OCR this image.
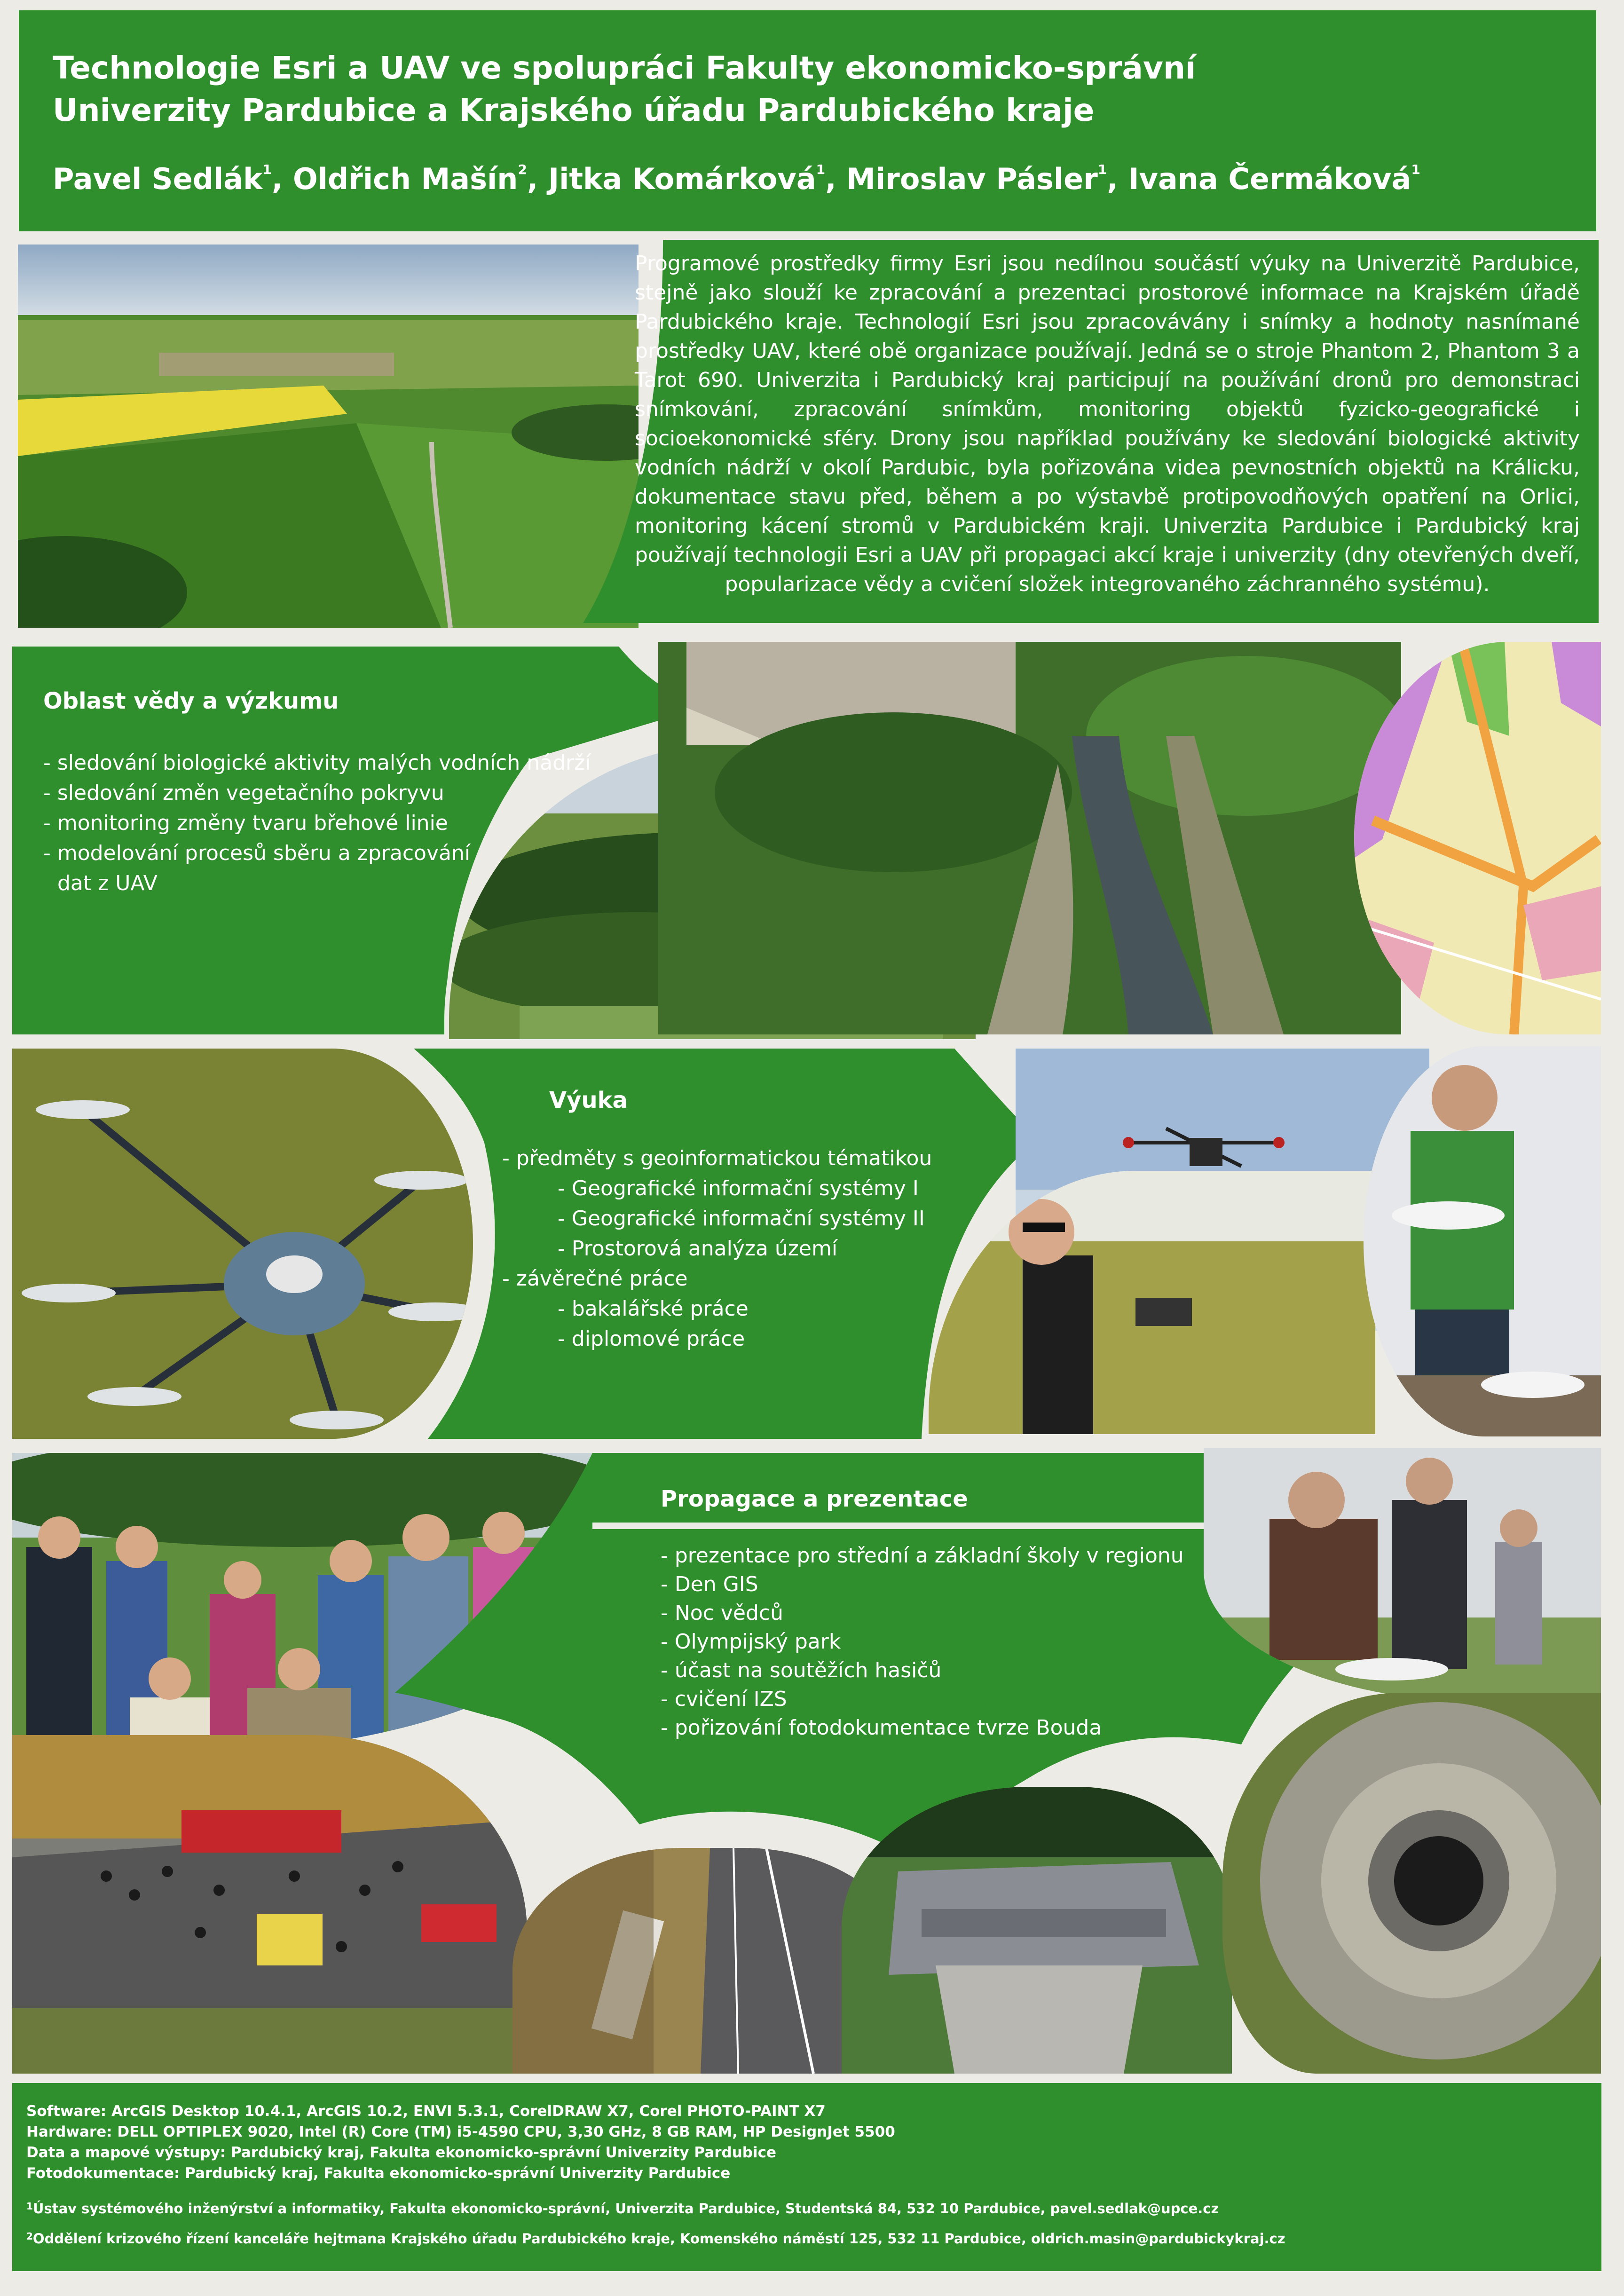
Technologie Esri a UAV ve spolupráci Fakulty ekonomicko-správní
Univerzity Pardubice a Krajského úřadu Pardubického kraje
Pavel Sedlák$^1$, Oldřich Mašín$^2$, Jitka Komárková$^1$, Miroslav Pásler$^1$, Ivana Čermáková$^1$
Programové prostředky firmy Esri jsou nedílnou součástí výuky na Univerzitě Pardubice, stejně jako slouží ke zpracování a prezentaci prostorové informace na Krajském úřadě Pardubického kraje. Technologií Esri jsou zpracovávány i snímky a hodnoty nasnímané prostředky UAV, které obě organizace používají. Jedná se o stroje Phantom 2, Phantom 3 a Tarot 690. Univerzita i Pardubický kraj participují na používání dronů pro demonstraci snímkování, zpracování snímkům, monitoring objektů fyzicko-geografické i socioekonomické sféry. Drony jsou například používány ke sledování biologické aktivity vodních nádrží v okolí Pardubic, byla pořizována videa pevnostních objektů na Králicku, dokumentace stavu před, během a po výstavbě protipovodňových opatření na Orlici, monitoring kácení stromů v Pardubickém kraji. Univerzita Pardubice i Pardubický kraj používají technologii Esri a UAV při propagaci akcí kraje i univerzity (dny otevřených dveří, popularizace vědy a cvičení složek integrovaného záchranného systému).
Oblast vědy a výzkumu
- sledování biologické aktivity malých vodních nádrží
- sledování změn vegetačního pokryvu
- monitoring změny tvaru břehové linie
- modelování procesů sběru a zpracování
dat z UAV
Výuka
- předměty s geoinformatickou tématikou
- Geografické informační systémy I
- Geografické informační systémy II
- Prostorová analýza území
- závěrečné práce
- bakalářské práce
- diplomové práce
Propagace a prezentace
- prezentace pro střední a základní školy v regionu
- Den GIS
- Noc vědců
- Olympijský park
- účast na soutěžích hasičů
- cvičení IZS
- pořizování fotodokumentace tvrze Bouda
Software: ArcGIS Desktop 10.4.1, ArcGIS 10.2, ENVI 5.3.1, CorelDRAW X7, Corel PHOTO-PAINT X7
Hardware: DELL OPTIPLEX 9020, Intel (R) Core (TM) i5-4590 CPU, 3,30 GHz, 8 GB RAM, HP DesignJet 5500
Data a mapové výstupy: Pardubický kraj, Fakulta ekonomicko-správní Univerzity Pardubice
Fotodokumentace: Pardubický kraj, Fakulta ekonomicko-správní Univerzity Pardubice
$^1$Ústav systémového inženýrství a informatiky, Fakulta ekonomicko-správní, Univerzita Pardubice, Studentská 84, 532 10 Pardubice, pavel.sedlak@upce.cz
$^2$Oddělení krizového řízení kanceláře hejtmana Krajského úřadu Pardubického kraje, Komenského náměstí 125, 532 11 Pardubice, oldrich.masin@pardubickykraj.cz
